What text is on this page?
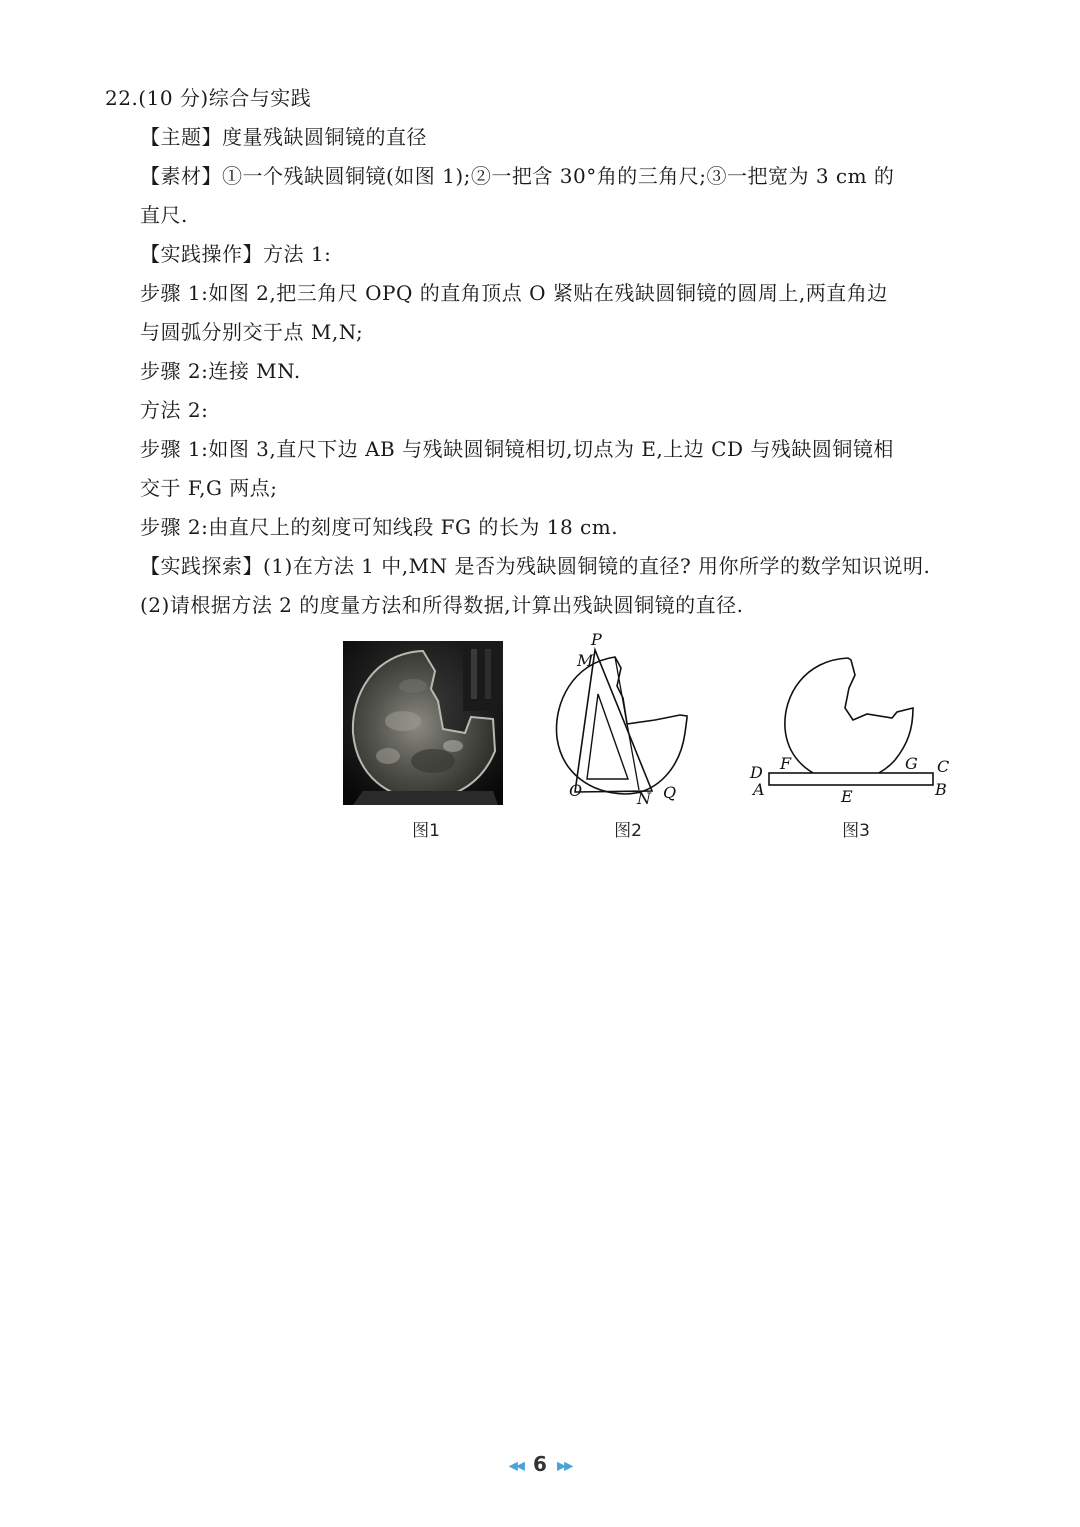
22.(10 分)综合与实践
【主题】度量残缺圆铜镜的直径
【素材】①一个残缺圆铜镜(如图 1);②一把含 30°角的三角尺;③一把宽为 3 cm 的
直尺.
【实践操作】方法 1:
步骤 1:如图 2,把三角尺 OPQ 的直角顶点 O 紧贴在残缺圆铜镜的圆周上,两直角边
与圆弧分别交于点 M,N;
步骤 2:连接 MN.
方法 2:
步骤 1:如图 3,直尺下边 AB 与残缺圆铜镜相切,切点为 E,上边 CD 与残缺圆铜镜相
交于 F,G 两点;
步骤 2:由直尺上的刻度可知线段 FG 的长为 18 cm.
【实践探索】(1)在方法 1 中,MN 是否为残缺圆铜镜的直径? 用你所学的数学知识说明.
(2)请根据方法 2 的度量方法和所得数据,计算出残缺圆铜镜的直径.
图1
P
M
O	N Q
图2
D F	G C
A	E	B
图3
◀◀ 6 ▶▶
